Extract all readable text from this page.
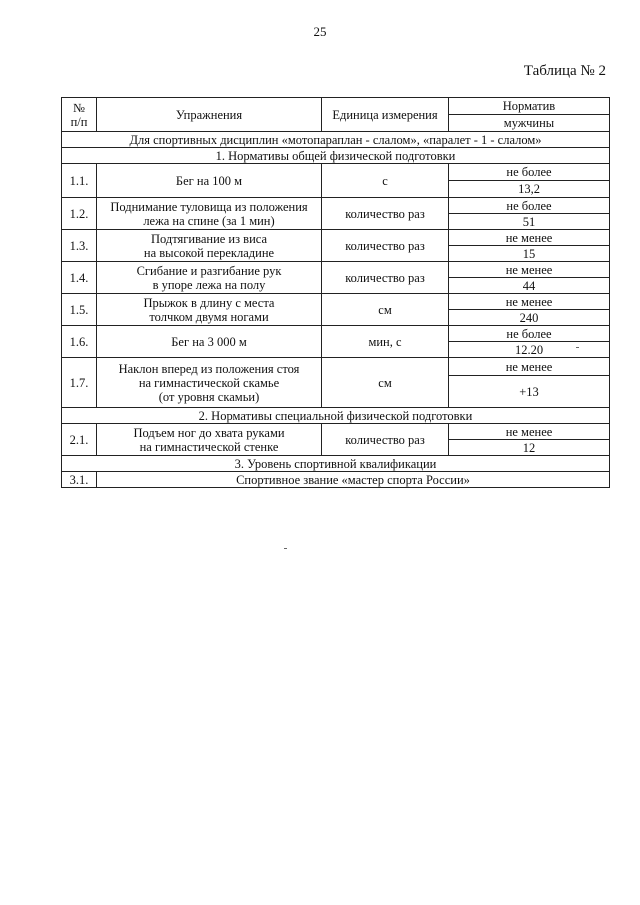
25
Таблица № 2
№
п/п	Упражнения	Единица измерения	Норматив
			мужчины
Для спортивных дисциплин «мотопараплан - слалом», «паралет - 1 - слалом»			
1. Нормативы общей физической подготовки			
1.1.	Бег на 100 м	с	не более
			13,2
1.2.	Поднимание туловища из положения
лежа на спине (за 1 мин)	количество раз	не более
			51
1.3.	Подтягивание из виса
на высокой перекладине	количество раз	не менее
			15
1.4.	Сгибание и разгибание рук
в упоре лежа на полу	количество раз	не менее
			44
1.5.	Прыжок в длину с места
толчком двумя ногами	см	не менее
			240
1.6.	Бег на 3 000 м	мин, с	не более
			12.20
1.7.	Наклон вперед из положения стоя
на гимнастической скамье
(от уровня скамьи)	см	не менее
			+13
2. Нормативы специальной физической подготовки			
2.1.	Подъем ног до хвата руками
на гимнастической стенке	количество раз	не менее
			12
3. Уровень спортивной квалификации			
3.1.	Спортивное звание «мастер спорта России»		
